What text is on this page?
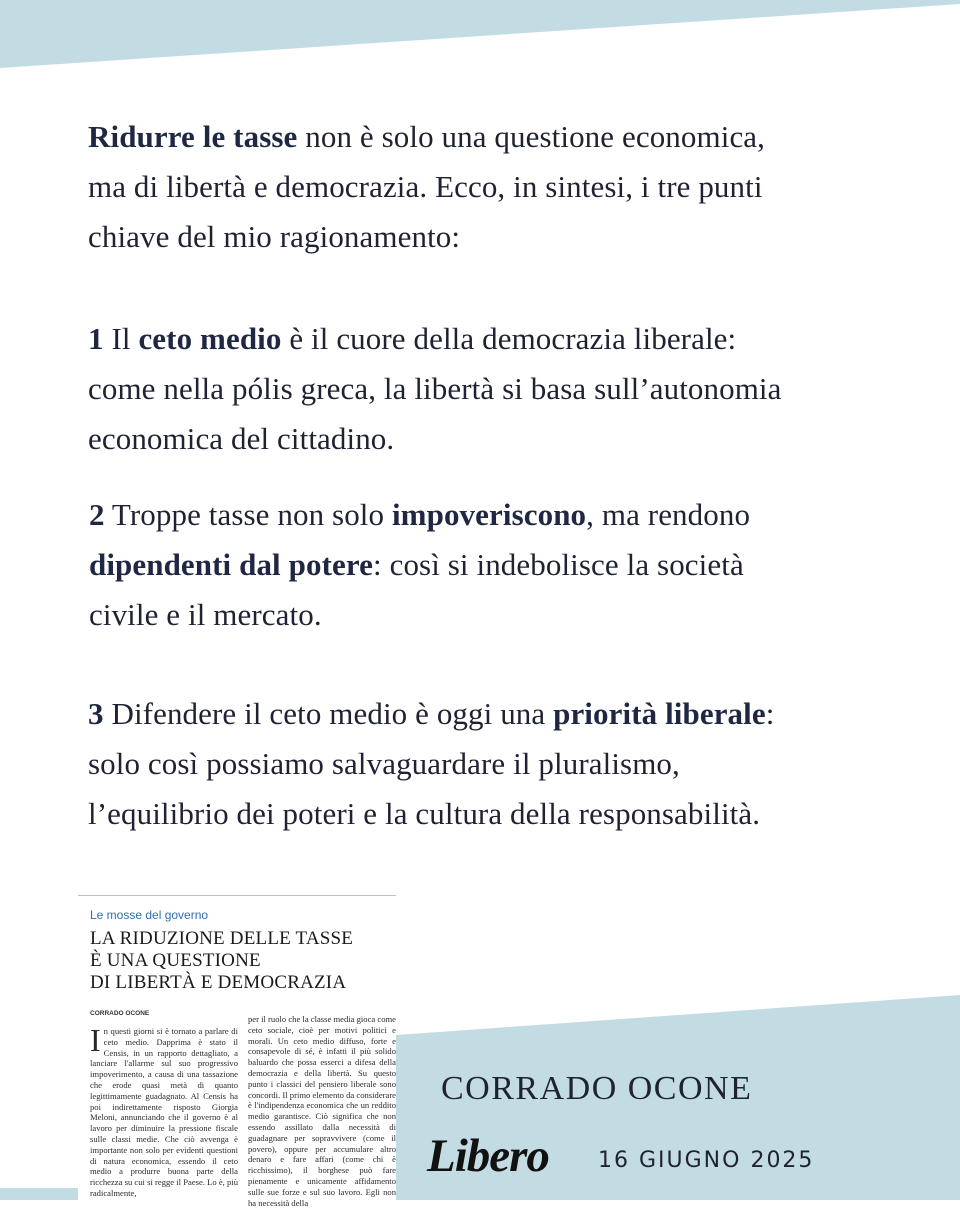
Ridurre le tasse non è solo una questione economica,
ma di libertà e democrazia. Ecco, in sintesi, i tre punti
chiave del mio ragionamento:

1 Il ceto medio è il cuore della democrazia liberale:
come nella pólis greca, la libertà si basa sull’autonomia
economica del cittadino.

2 Troppe tasse non solo impoveriscono, ma rendono
dipendenti dal potere: così si indebolisce la società
civile e il mercato.

3 Difendere il ceto medio è oggi una priorità liberale:
solo così possiamo salvaguardare il pluralismo,
l’equilibrio dei poteri e la cultura della responsabilità.

Le mosse del governo
LA RIDUZIONE DELLE TASSE
È UNA QUESTIONE
DI LIBERTÀ E DEMOCRAZIA
CORRADO OCONE
In questi giorni si è tornato a parlare di ceto medio. Dapprima è stato il Censis, in un rapporto dettagliato, a lanciare l'allarme sul suo progressivo impoverimento, a causa di una tassazione che erode quasi metà di quanto legittimamente guadagnato. Al Censis ha poi indirettamente risposto Giorgia Meloni, annunciando che il governo è al lavoro per diminuire la pressione fiscale sulle classi medie. Che ciò avvenga è importante non solo per evidenti questioni di natura economica, essendo il ceto medio a produrre buona parte della ricchezza su cui si regge il Paese. Lo è, più radicalmente,
per il ruolo che la classe media gioca come ceto sociale, cioè per motivi politici e morali. Un ceto medio diffuso, forte e consapevole di sé, è infatti il più solido baluardo che possa esserci a difesa della democrazia e della libertà. Su questo punto i classici del pensiero liberale sono concordi. Il primo elemento da considerare è l'indipendenza economica che un reddito medio garantisce. Ciò significa che non essendo assillato dalla necessità di guadagnare per sopravvivere (come il povero), oppure per accumulare altro denaro e fare affari (come chi è ricchissimo), il borghese può fare pienamente e unicamente affidamento sulle sue forze e sul suo lavoro. Egli non ha necessità della
CORRADO OCONE
Libero 16 GIUGNO 2025
